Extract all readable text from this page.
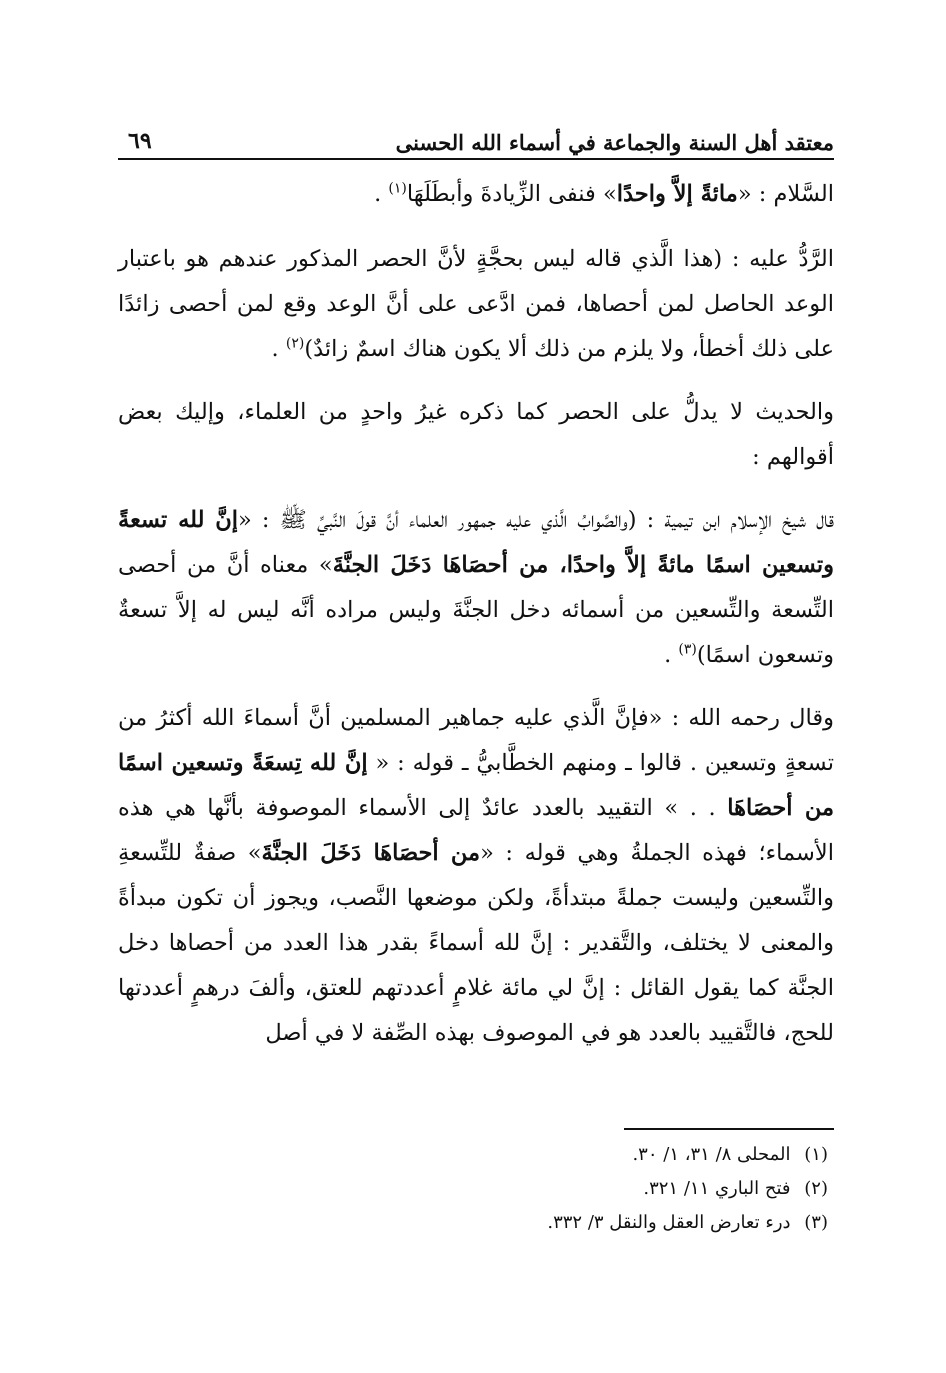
معتقد أهل السنة والجماعة في أسماء الله الحسنى
٦٩

السَّلام : «مائةً إلاَّ واحدًا» فنفى الزِّيادةَ وأبطَلَهَا$^{(١)}$ .

الرَّدُّ عليه : (هذا الَّذي قاله ليس بحجَّةٍ لأنَّ الحصر المذكور عندهم هو باعتبار الوعد الحاصل لمن أحصاها، فمن ادَّعى على أنَّ الوعد وقع لمن أحصى زائدًا على ذلك أخطأ، ولا يلزم من ذلك ألا يكون هناك اسمٌ زائدٌ)$^{(٢)}$ .

والحديث لا يدلُّ على الحصر كما ذكره غيرُ واحدٍ من العلماء، وإليك بعض أقوالهم :

قال شيخ الإسلام ابن تيمية : (والصَّوابُ الَّذي عليه جمهور العلماء أنَّ قولَ النَّبيِّ ﷺ : «إنَّ لله تسعةً وتسعين اسمًا مائةً إلاَّ واحدًا، من أحصَاهَا دَخَلَ الجنَّةَ» معناه أنَّ من أحصى التِّسعة والتِّسعين من أسمائه دخل الجنَّةَ وليس مراده أنَّه ليس له إلاَّ تسعةٌ وتسعون اسمًا)$^{(٣)}$ .

وقال رحمه الله : «فإنَّ الَّذي عليه جماهير المسلمين أنَّ أسماءَ الله أكثرُ من تسعةٍ وتسعين . قالوا ـ ومنهم الخطَّابيُّ ـ قوله : « إنَّ لله تِسعَةً وتسعين اسمًا من أحصَاهَا . . » التقييد بالعدد عائدٌ إلى الأسماء الموصوفة بأنَّها هي هذه الأسماء؛ فهذه الجملةُ وهي قوله : «من أحصَاهَا دَخَلَ الجنَّةَ» صفةٌ للتِّسعةِ والتِّسعين وليست جملةً مبتدأةً، ولكن موضعها النَّصب، ويجوز أن تكون مبدأةً والمعنى لا يختلف، والتَّقدير : إنَّ لله أسماءً بقدر هذا العدد من أحصاها دخل الجنَّة كما يقول القائل : إنَّ لي مائة غلامٍ أعددتهم للعتق، وألفَ درهمٍ أعددتها للحج، فالتَّقييد بالعدد هو في الموصوف بهذه الصِّفة لا في أصل

(١) المحلى ٨/ ٣١، ١/ ٣٠.
(٢) فتح الباري ١١/ ٣٢١.
(٣) درء تعارض العقل والنقل ٣/ ٣٣٢.
